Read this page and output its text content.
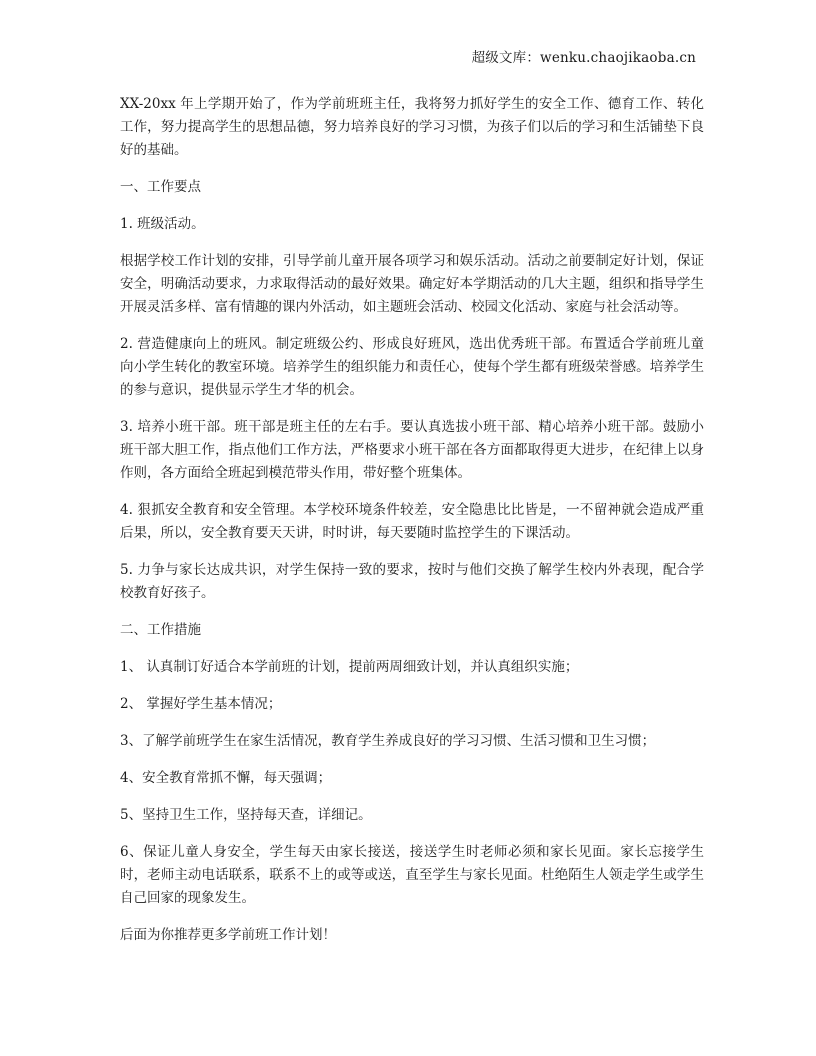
超级文库：wenku.chaojikaoba.cn

XX-20xx 年上学期开始了，作为学前班班主任，我将努力抓好学生的安全工作、德育工作、转化工作，努力提高学生的思想品德，努力培养良好的学习习惯，为孩子们以后的学习和生活铺垫下良好的基础。

一、工作要点

1. 班级活动。

根据学校工作计划的安排，引导学前儿童开展各项学习和娱乐活动。活动之前要制定好计划，保证安全，明确活动要求，力求取得活动的最好效果。确定好本学期活动的几大主题，组织和指导学生开展灵活多样、富有情趣的课内外活动，如主题班会活动、校园文化活动、家庭与社会活动等。

2. 营造健康向上的班风。制定班级公约、形成良好班风，选出优秀班干部。布置适合学前班儿童向小学生转化的教室环境。培养学生的组织能力和责任心，使每个学生都有班级荣誉感。培养学生的参与意识，提供显示学生才华的机会。

3. 培养小班干部。班干部是班主任的左右手。要认真选拔小班干部、精心培养小班干部。鼓励小班干部大胆工作，指点他们工作方法，严格要求小班干部在各方面都取得更大进步，在纪律上以身作则，各方面给全班起到模范带头作用，带好整个班集体。

4. 狠抓安全教育和安全管理。本学校环境条件较差，安全隐患比比皆是，一不留神就会造成严重后果，所以，安全教育要天天讲，时时讲，每天要随时监控学生的下课活动。

5. 力争与家长达成共识，对学生保持一致的要求，按时与他们交换了解学生校内外表现，配合学校教育好孩子。

二、工作措施

1、 认真制订好适合本学前班的计划，提前两周细致计划，并认真组织实施；

2、 掌握好学生基本情况；

3、了解学前班学生在家生活情况，教育学生养成良好的学习习惯、生活习惯和卫生习惯；

4、安全教育常抓不懈，每天强调；

5、坚持卫生工作，坚持每天查，详细记。

6、保证儿童人身安全，学生每天由家长接送，接送学生时老师必须和家长见面。家长忘接学生时，老师主动电话联系，联系不上的或等或送，直至学生与家长见面。杜绝陌生人领走学生或学生自己回家的现象发生。

后面为你推荐更多学前班工作计划！
